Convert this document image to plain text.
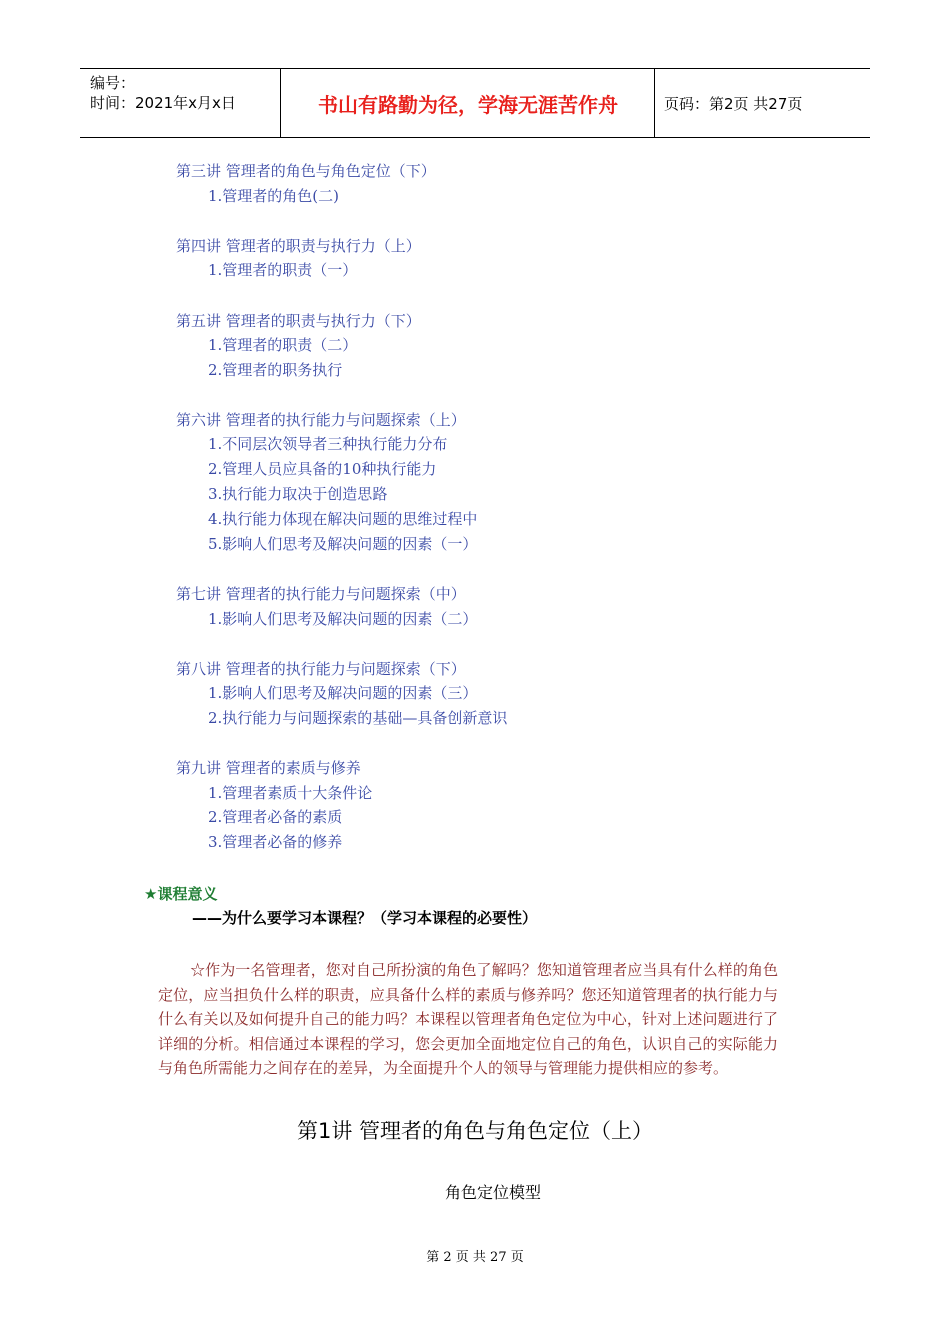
编号：
时间：2021年x月x日	书山有路勤为径，学海无涯苦作舟	页码：第2页 共27页
第三讲 管理者的角色与角色定位（下）
1.管理者的角色(二)
第四讲 管理者的职责与执行力（上）
1.管理者的职责（一）
第五讲 管理者的职责与执行力（下）
1.管理者的职责（二）
2.管理者的职务执行
第六讲 管理者的执行能力与问题探索（上）
1.不同层次领导者三种执行能力分布
2.管理人员应具备的10种执行能力
3.执行能力取决于创造思路
4.执行能力体现在解决问题的思维过程中
5.影响人们思考及解决问题的因素（一）
第七讲 管理者的执行能力与问题探索（中）
1.影响人们思考及解决问题的因素（二）
第八讲 管理者的执行能力与问题探索（下）
1.影响人们思考及解决问题的因素（三）
2.执行能力与问题探索的基础—具备创新意识
第九讲 管理者的素质与修养
1.管理者素质十大条件论
2.管理者必备的素质
3.管理者必备的修养
★课程意义
——为什么要学习本课程？（学习本课程的必要性）
☆作为一名管理者，您对自己所扮演的角色了解吗？您知道管理者应当具有什么样的角色定位，应当担负什么样的职责，应具备什么样的素质与修养吗？您还知道管理者的执行能力与什么有关以及如何提升自己的能力吗？本课程以管理者角色定位为中心，针对上述问题进行了详细的分析。相信通过本课程的学习，您会更加全面地定位自己的角色，认识自己的实际能力与角色所需能力之间存在的差异，为全面提升个人的领导与管理能力提供相应的参考。
第1讲 管理者的角色与角色定位（上）
角色定位模型
第 2 页 共 27 页
